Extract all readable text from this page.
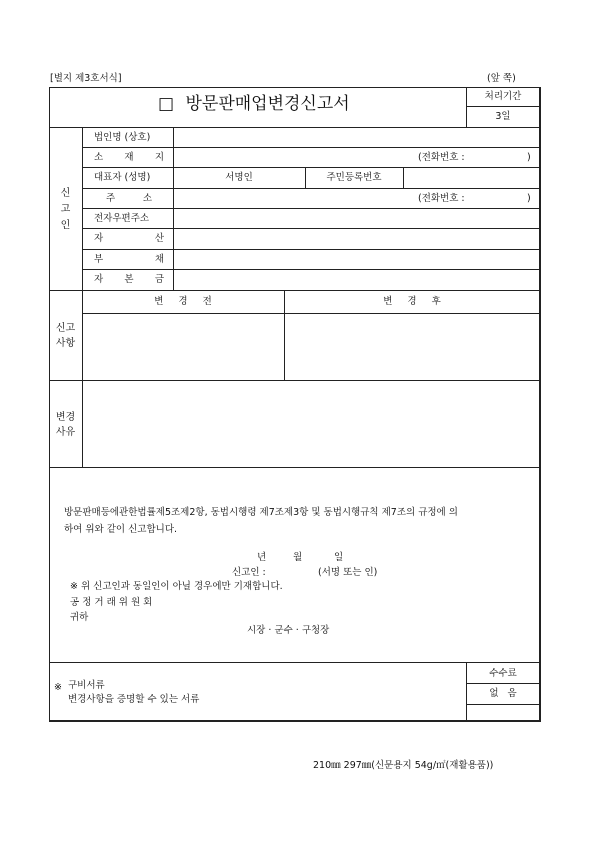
[별지 제3호서식]	(앞 쪽)
□ 방문판매업변경신고서	처리기간
3일
신
고
인
법인명 (상호)
소 재 지	(전화번호 :	)
대표자 (성명)	서명인	주민등록번호
주 소	(전화번호 :	)
전자우편주소
자 산
부 채
자 본 금
변 경 전	변 경 후
신고
사항
변경
사유
방문판매등에관한법률제5조제2항, 동법시행령 제7조제3항 및 동법시행규칙 제7조의 규정에 의
하여 위와 같이 신고합니다.
년	월	일
신고인 :	(서명 또는 인)
※ 위 신고인과 동일인이 아닐 경우에만 기재합니다.
공 정 거 래 위 원 회
귀하
시장 · 군수 · 구청장
수수료
없 음
※ 구비서류
변경사항을 증명할 수 있는 서류
210㎜ 297㎜(신문용지 54g/㎡(재활용품))
